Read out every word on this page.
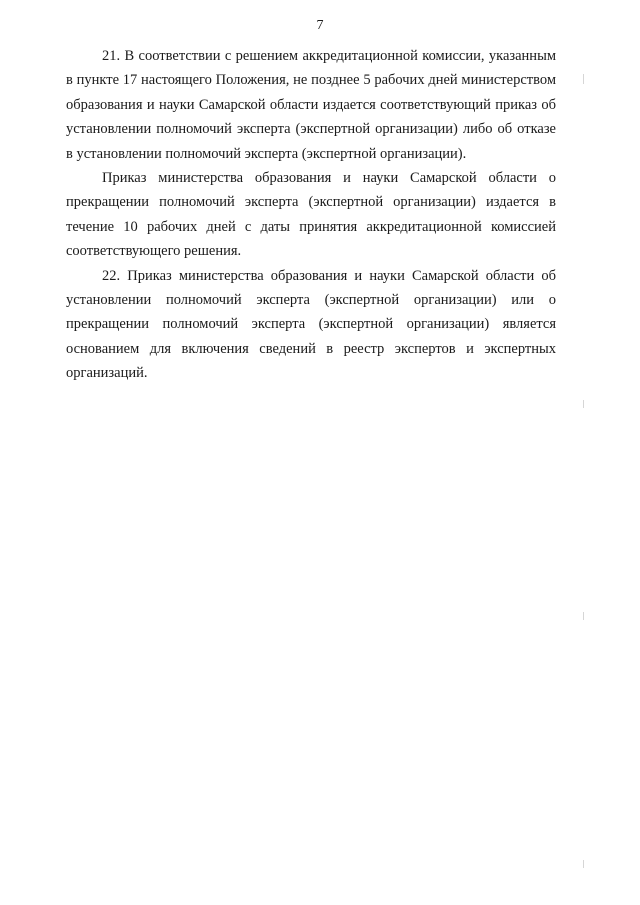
7

21. В соответствии с решением аккредитационной комиссии, указанным в пункте 17 настоящего Положения, не позднее 5 рабочих дней министерством образования и науки Самарской области издается соответствующий приказ об установлении полномочий эксперта (экспертной организации) либо об отказе в установлении полномочий эксперта (экспертной организации).

Приказ министерства образования и науки Самарской области о прекращении полномочий эксперта (экспертной организации) издается в течение 10 рабочих дней с даты принятия аккредитационной комиссией соответствующего решения.

22. Приказ министерства образования и науки Самарской области об установлении полномочий эксперта (экспертной организации) или о прекращении полномочий эксперта (экспертной организации) является основанием для включения сведений в реестр экспертов и экспертных организаций.
